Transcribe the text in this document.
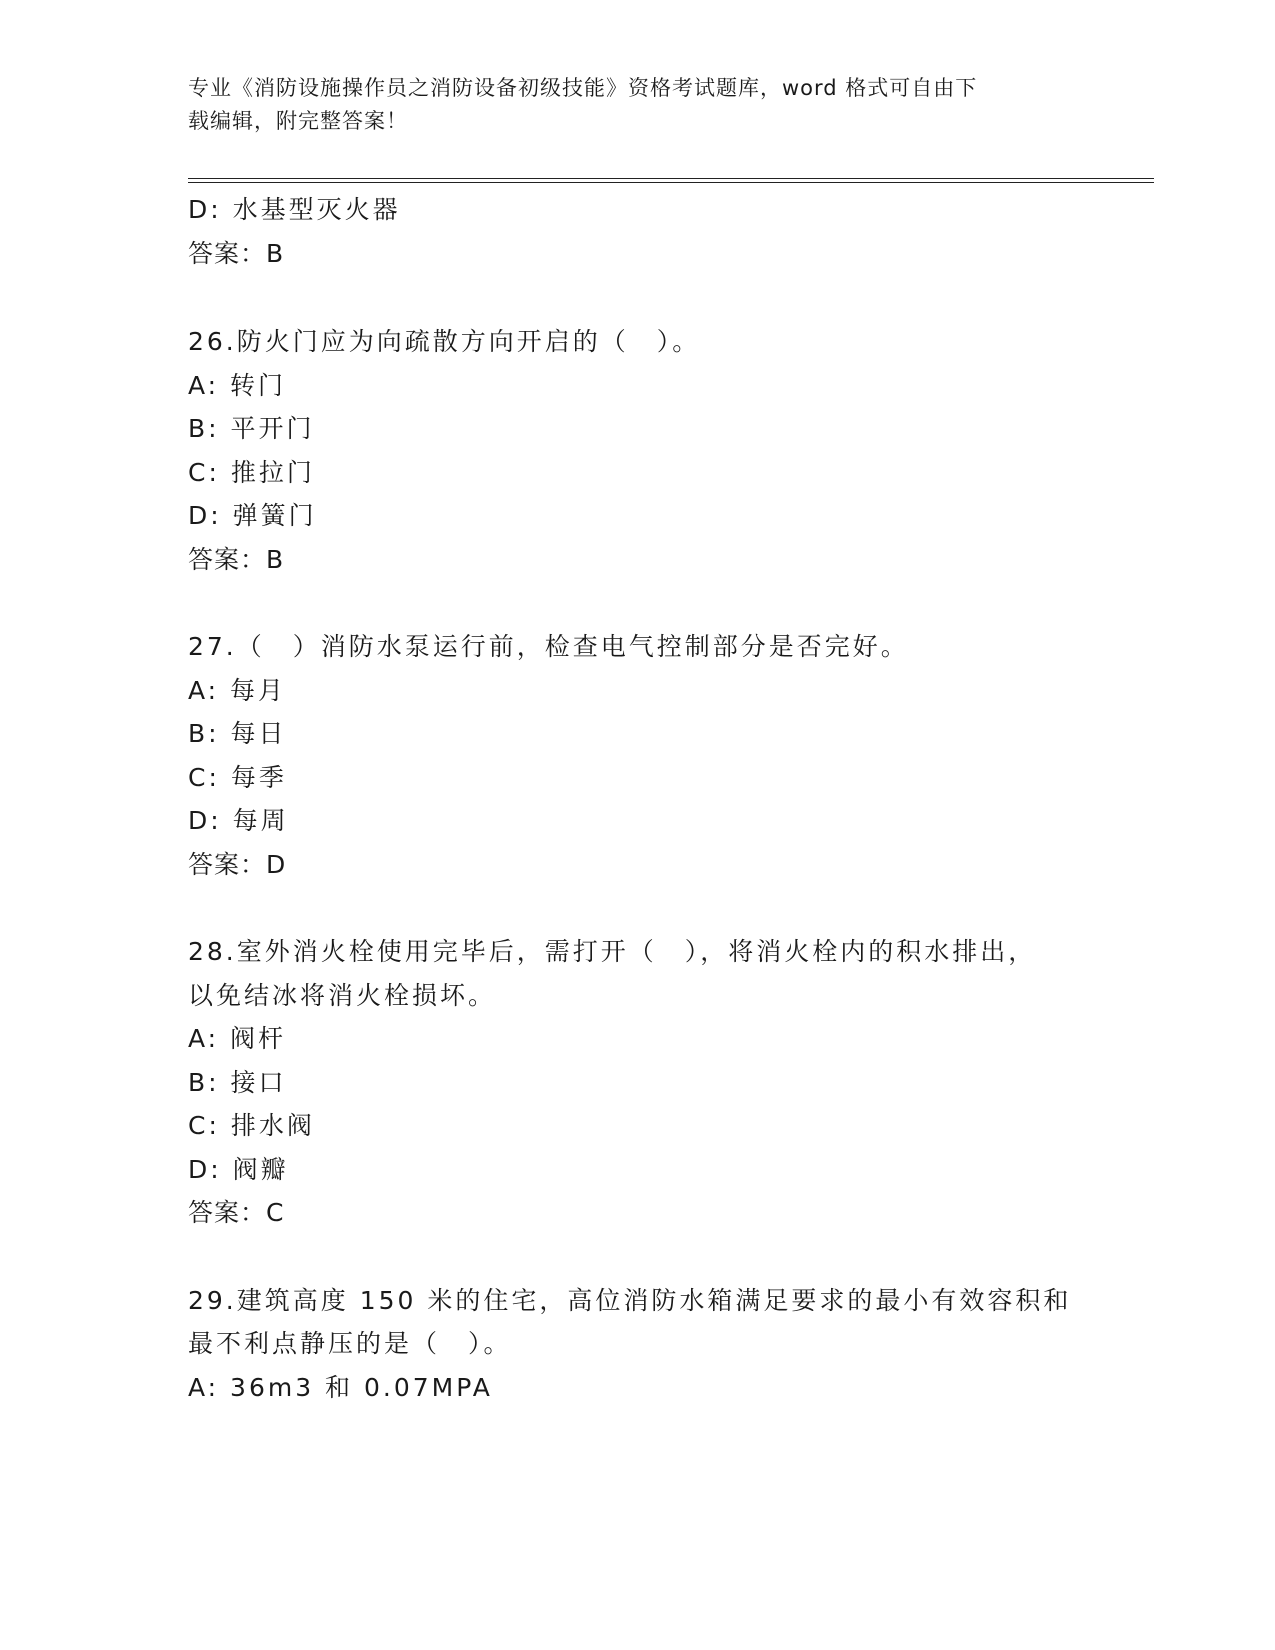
专业《消防设施操作员之消防设备初级技能》资格考试题库，word 格式可自由下
载编辑，附完整答案！
D: 水基型灭火器
答案：B
26.防火门应为向疏散方向开启的（　）。
A: 转门
B: 平开门
C: 推拉门
D: 弹簧门
答案：B
27.（　）消防水泵运行前，检查电气控制部分是否完好。
A: 每月
B: 每日
C: 每季
D: 每周
答案：D
28.室外消火栓使用完毕后，需打开（　），将消火栓内的积水排出，
以免结冰将消火栓损坏。
A: 阀杆
B: 接口
C: 排水阀
D: 阀瓣
答案：C
29.建筑高度 150 米的住宅，高位消防水箱满足要求的最小有效容积和
最不利点静压的是（　）。
A: 36m3 和 0.07MPA
